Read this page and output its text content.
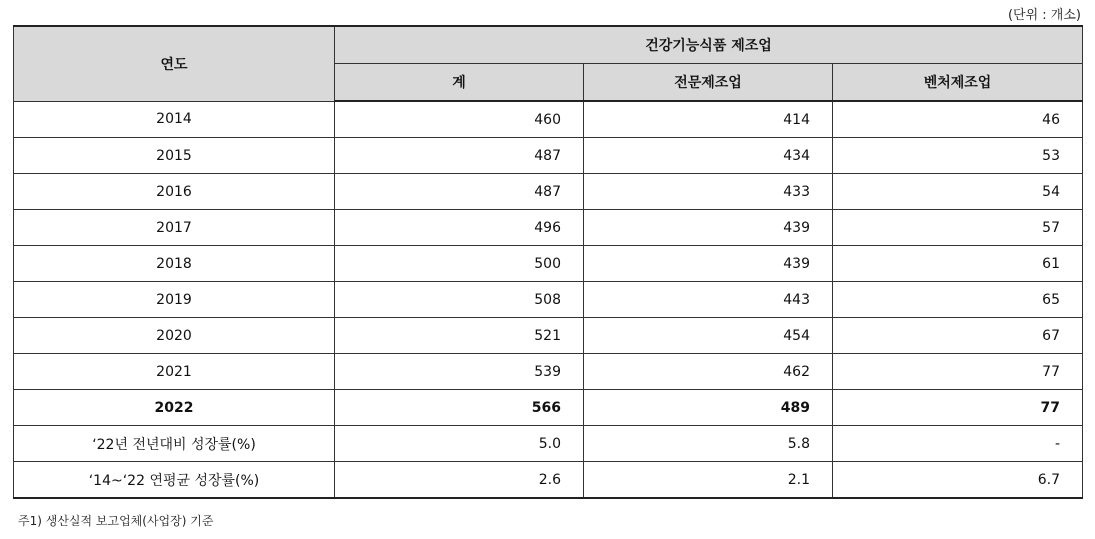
(단위 : 개소)
연도	건강기능식품 제조업		
	계	전문제조업	벤처제조업
2014	460	414	46
2015	487	434	53
2016	487	433	54
2017	496	439	57
2018	500	439	61
2019	508	443	65
2020	521	454	67
2021	539	462	77
2022	566	489	77
‘22년 전년대비 성장률(%)	5.0	5.8	-
‘14~‘22 연평균 성장률(%)	2.6	2.1	6.7
주1) 생산실적 보고업체(사업장) 기준
